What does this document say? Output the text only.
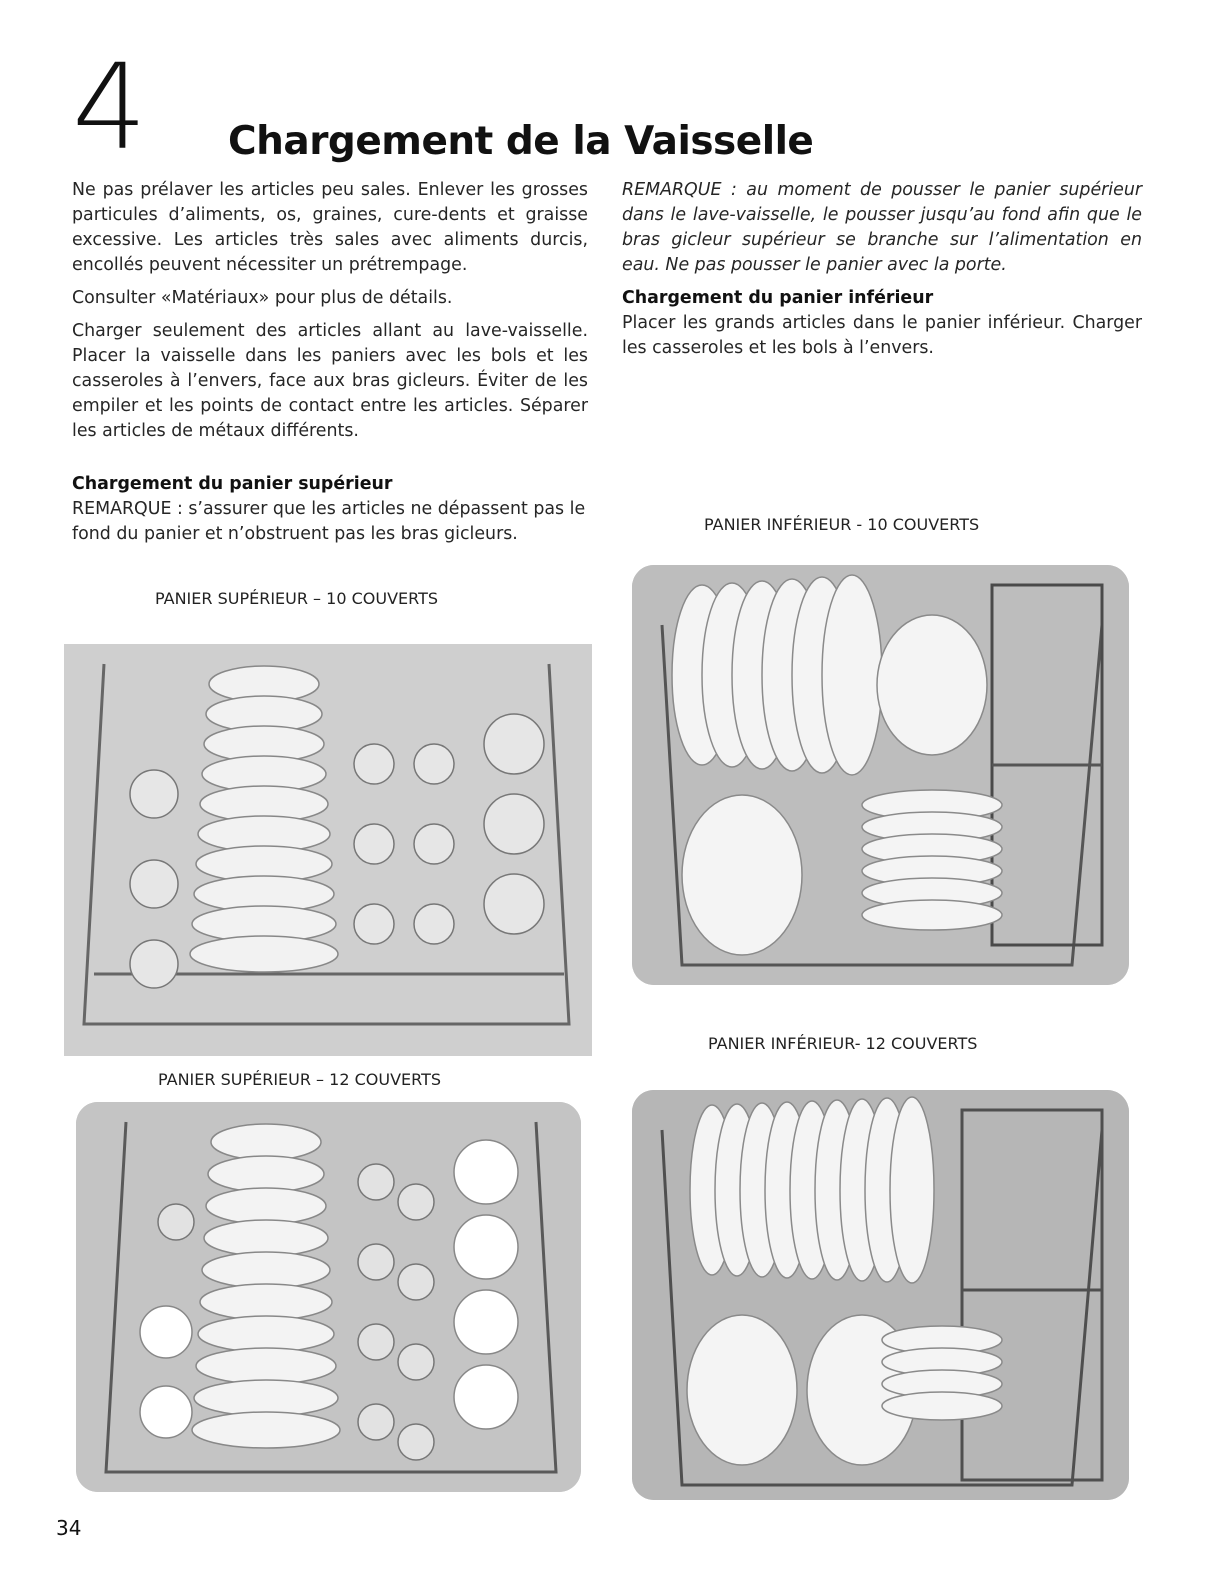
4 Chargement de la Vaisselle

Ne pas prélaver les articles peu sales. Enlever les grosses particules d’aliments, os, graines, cure-dents et graisse excessive. Les articles très sales avec aliments durcis, encollés peuvent nécessiter un prétrempage.

Consulter «Matériaux» pour plus de détails.

Charger seulement des articles allant au lave-vaisselle. Placer la vaisselle dans les paniers avec les bols et les casseroles à l’envers, face aux bras gicleurs. Éviter de les empiler et les points de contact entre les articles. Séparer les articles de métaux différents.

Chargement du panier supérieur

REMARQUE : s’assurer que les articles ne dépassent pas le fond du panier et n’obstruent pas les bras gicleurs.

REMARQUE : au moment de pousser le panier supérieur dans le lave-vaisselle, le pousser jusqu’au fond afin que le bras gicleur supérieur se branche sur l’alimentation en eau. Ne pas pousser le panier avec la porte.

Chargement du panier inférieur

Placer les grands articles dans le panier inférieur. Charger les casseroles et les bols à l’envers.

PANIER SUPÉRIEUR – 10 COUVERTS
PANIER INFÉRIEUR - 10 COUVERTS
PANIER INFÉRIEUR- 12 COUVERTS
PANIER SUPÉRIEUR – 12 COUVERTS
34
